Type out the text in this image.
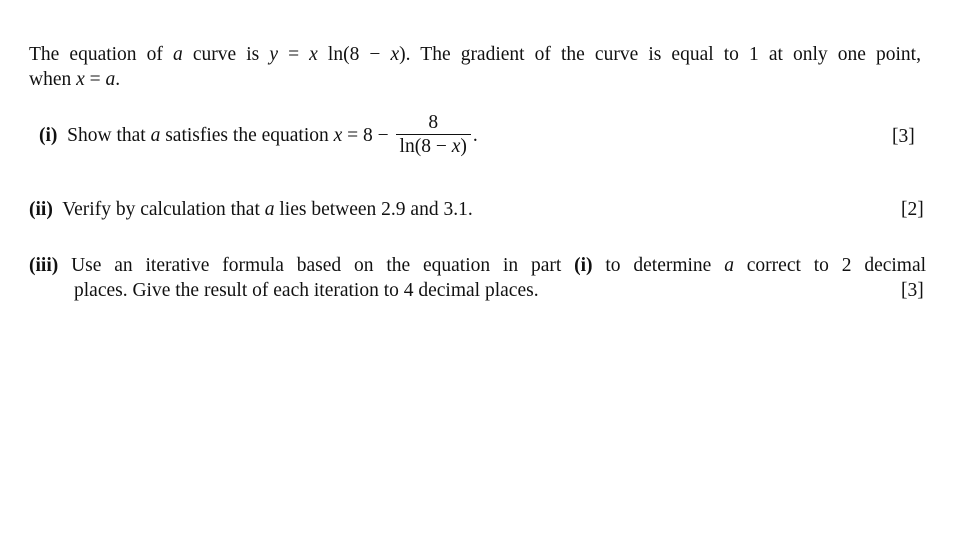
The equation of a curve is y = x ln(8 − x). The gradient of the curve is equal to 1 at only one point,
when x = a.
(i) Show that a satisfies the equation $x = 8 - \frac{8}{\ln(8 - x)}$ .	[3]
(ii) Verify by calculation that a lies between 2.9 and 3.1.	[2]
(iii) Use an iterative formula based on the equation in part (i) to determine a correct to 2 decimal
places. Give the result of each iteration to 4 decimal places.	[3]
